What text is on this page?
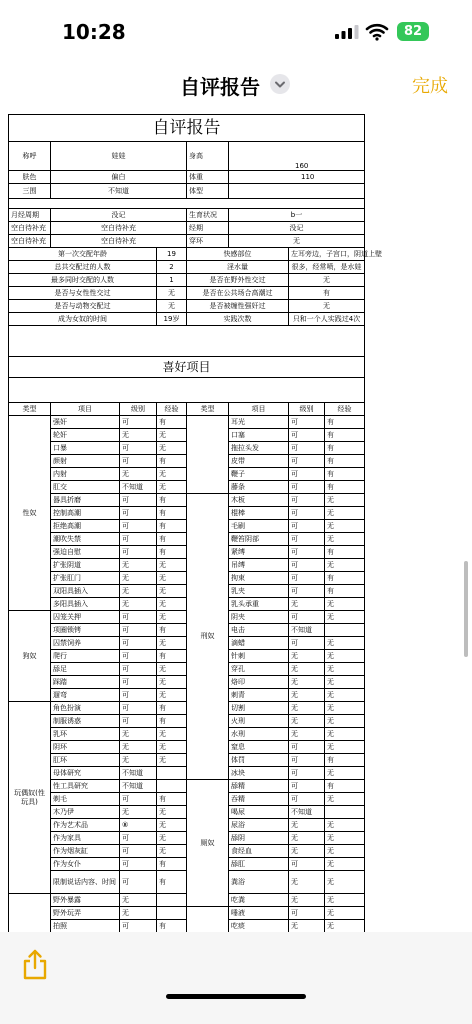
10:28	82
自评报告	完成
自评报告							
称呼	娃娃			身高	160		
肤色	偏白			体重	110		
三围	不知道			体型			

月经周期	没记			生育状况	b一		
空白待补充	空白待补充			经期	没记		
空白待补充	空白待补充			穿环	无		
第一次交配年龄			19	快感部位		左耳旁边，子宫口，阴道上壁	
总共交配过的人数			2	淫水量		很多，经常喷，是水娃	
最多同时交配的人数			1	是否在野外性交过		无	
是否与女性性交过			无	是否在公共场合高潮过		有	
是否与动物交配过			无	是否被缠性强奸过		无	
成为女奴的时间			19岁	实践次数		只和一个人实践过4次	

喜好项目							

类型	项目	级别	经验	类型	项目	级别	经验
性奴	强奸	可	有		耳光	可	有
	轮奸	无	无		口塞	可	有
	口暴	可	无		拖拉头发	可	有
	颜射	可	有		皮带	可	有
	内射	无	无		鞭子	可	有
	肛交	不知道	无		藤条	可	有
	器具折磨	可	有	刑奴	木板	可	无
	控制高潮	可	有		棍棒	可	无
	拒绝高潮	可	有		毛刷	可	无
	潮吹失禁	可	有		鞭笞阴部	可	无
	强迫自慰	可	有		紧缚	可	有
	扩张阴道	无	无		吊缚	可	无
	扩张肛门	无	无		拘束	可	有
	双阳具插入	无	无		乳夹	可	有
	多阳具插入	无	无		乳头承重	无	无
狗奴	囚笼关押	可	无		阴夹	可	无
	项圈锁铐	可	有		电击	不知道	
	囚禁饲养	可	无		滴蜡	可	无
	爬行	可	有		针刺	无	无
	舔足	可	无		穿孔	无	无
	踩踏	可	无		烙印	无	无
	遛弯	可	无		刺青	无	无
玩偶奴(性玩具)	角色扮演	可	有		切割	无	无
	制服诱惑	可	有		火刑	无	无
	乳环	无	无		水刑	无	无
	阴环	无	无		窒息	可	无
	肛环	无	无		体罚	可	有
	母体研究	不知道			冰块	可	无
	性工具研究	不知道		厕奴	舔精	可	有
	剃毛	可	有		吞精	可	无
	木乃伊	无	无		喝尿	不知道	
	作为艺术品	⑧	无		尿浴	无	无
	作为家具	可	无		舔阴	无	无
	作为烟灰缸	可	无		食经血	无	无
	作为女仆	可	有		舔肛	可	无
	限制说话内容、时间	可	有		粪浴	无	无
	野外暴露	无			吃粪	无	无
	野外玩弄	无			唾液	可	无
	拍照	可	有		吃痰	无	无
